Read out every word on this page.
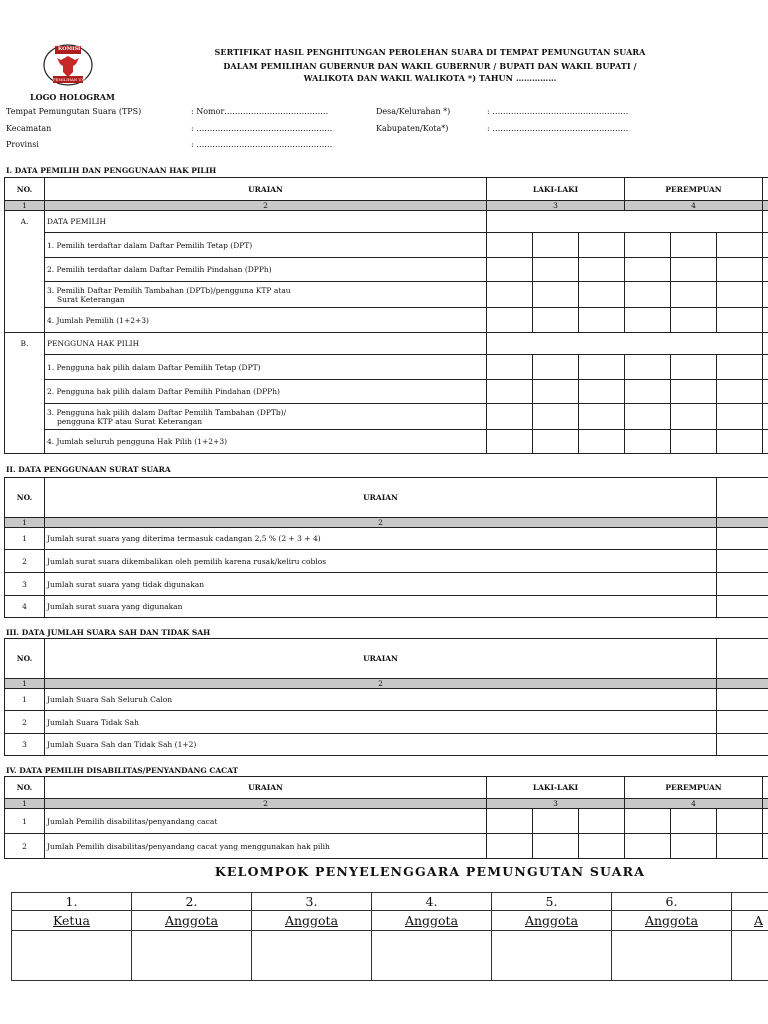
KOMISI
PEMILIHAN UMUM
LOGO HOLOGRAM
SERTIFIKAT HASIL PENGHITUNGAN PEROLEHAN SUARA DI TEMPAT PEMUNGUTAN SUARA
DALAM PEMILIHAN GUBERNUR DAN WAKIL GUBERNUR / BUPATI DAN WAKIL BUPATI /
WALIKOTA DAN WAKIL WALIKOTA *) TAHUN ……………
Tempat Pemungutan Suara (TPS)	: Nomor…………………………………
Kecamatan	: ……………………………………………
Provinsi	: ……………………………………………
Desa/Kelurahan *)	: ……………………………………………
Kabupaten/Kota*)	: ……………………………………………
I. DATA PEMILIH DAN PENGGUNAAN HAK PILIH
NO.	URAIAN	LAKI-LAKI			PEREMPUAN			
1	2	3			4			
A.	DATA PEMILIH							
	1. Pemilih terdaftar dalam Daftar Pemilih Tetap (DPT)							
	2. Pemilih terdaftar dalam Daftar Pemilih Pindahan (DPPh)							

	3. Pemilih Daftar Pemilih Tambahan (DPTb)/pengguna KTP atau
Surat Keterangan							

	4. Jumlah Pemilih (1+2+3)							
B.	PENGGUNA HAK PILIH							
	1. Pengguna hak pilih dalam Daftar Pemilih Tetap (DPT)							
	2. Pengguna hak pilih dalam Daftar Pemilih Pindahan (DPPh)							

	3. Pengguna hak pilih dalam Daftar Pemilih Tambahan (DPTb)/
pengguna KTP atau Surat Keterangan							

	4. Jumlah seluruh pengguna Hak Pilih (1+2+3)							
II. DATA PENGGUNAAN SURAT SUARA
NO.	URAIAN	
1	2	
1	Jumlah surat suara yang diterima termasuk cadangan 2,5 % (2 + 3 + 4)	
2	Jumlah surat suara dikembalikan oleh pemilih karena rusak/keliru coblos	
3	Jumlah surat suara yang tidak digunakan	
4	Jumlah surat suara yang digunakan	
III. DATA JUMLAH SUARA SAH DAN TIDAK SAH
NO.	URAIAN	
1	2	
1	Jumlah Suara Sah Seluruh Calon	
2	Jumlah Suara Tidak Sah	
3	Jumlah Suara Sah dan Tidak Sah (1+2)	
IV. DATA PEMILIH DISABILITAS/PENYANDANG CACAT
NO.	URAIAN	LAKI-LAKI			PEREMPUAN			
1	2	3			4			
1	Jumlah Pemilih disabilitas/penyandang cacat							
2	Jumlah Pemilih disabilitas/penyandang cacat yang menggunakan hak pilih							
KELOMPOK PENYELENGGARA PEMUNGUTAN SUARA
1.	2.	3.	4.	5.	6.	
Ketua	Anggota	Anggota	Anggota	Anggota	Anggota	A
